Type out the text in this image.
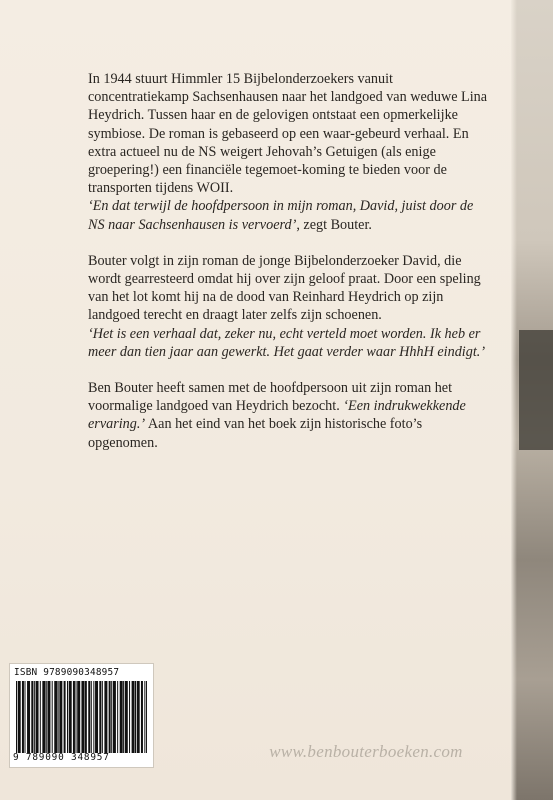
In 1944 stuurt Himmler 15 Bijbelonderzoekers vanuit concentratiekamp Sachsenhausen naar het landgoed van weduwe Lina Heydrich. Tussen haar en de gelovigen ontstaat een opmerkelijke symbiose. De roman is gebaseerd op een waar-gebeurd verhaal. En extra actueel nu de NS weigert Jehovah’s Getuigen (als enige groepering!) een financiële tegemoet-koming te bieden voor de transporten tijdens WOII.

‘En dat terwijl de hoofdpersoon in mijn roman, David, juist door de NS naar Sachsenhausen is vervoerd’, zegt Bouter.

Bouter volgt in zijn roman de jonge Bijbelonderzoeker David, die wordt gearresteerd omdat hij over zijn geloof praat. Door een speling van het lot komt hij na de dood van Reinhard Heydrich op zijn landgoed terecht en draagt later zelfs zijn schoenen.

‘Het is een verhaal dat, zeker nu, echt verteld moet worden. Ik heb er meer dan tien jaar aan gewerkt. Het gaat verder waar HhhH eindigt.’

Ben Bouter heeft samen met de hoofdpersoon uit zijn roman het voormalige landgoed van Heydrich bezocht. ‘Een indrukwekkende ervaring.’ Aan het eind van het boek zijn historische foto’s opgenomen.

ISBN 9789090348957
9 789090 348957	www.benbouterboeken.com
